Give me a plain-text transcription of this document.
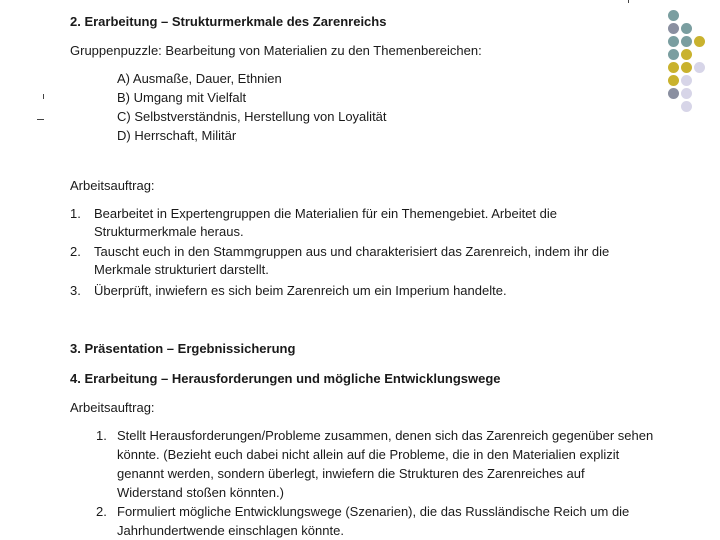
2. Erarbeitung – Strukturmerkmale des Zarenreichs
Gruppenpuzzle: Bearbeitung von Materialien zu den Themenbereichen:
A) Ausmaße, Dauer, Ethnien
B) Umgang mit Vielfalt
C) Selbstverständnis, Herstellung von Loyalität
D) Herrschaft, Militär
Arbeitsauftrag:
1. Bearbeitet in Expertengruppen die Materialien für ein Themengebiet. Arbeitet die
Strukturmerkmale heraus.
2. Tauscht euch in den Stammgruppen aus und charakterisiert das Zarenreich, indem ihr die
Merkmale strukturiert darstellt.
3. Überprüft, inwiefern es sich beim Zarenreich um ein Imperium handelte.
3. Präsentation – Ergebnissicherung
4. Erarbeitung – Herausforderungen und mögliche Entwicklungswege
Arbeitsauftrag:
1. Stellt Herausforderungen/Probleme zusammen, denen sich das Zarenreich gegenüber sehen
könnte. (Bezieht euch dabei nicht allein auf die Probleme, die in den Materialien explizit
genannt werden, sondern überlegt, inwiefern die Strukturen des Zarenreiches auf
Widerstand stoßen könnten.)
2. Formuliert mögliche Entwicklungswege (Szenarien), die das Russländische Reich um die
Jahrhundertwende einschlagen könnte.
